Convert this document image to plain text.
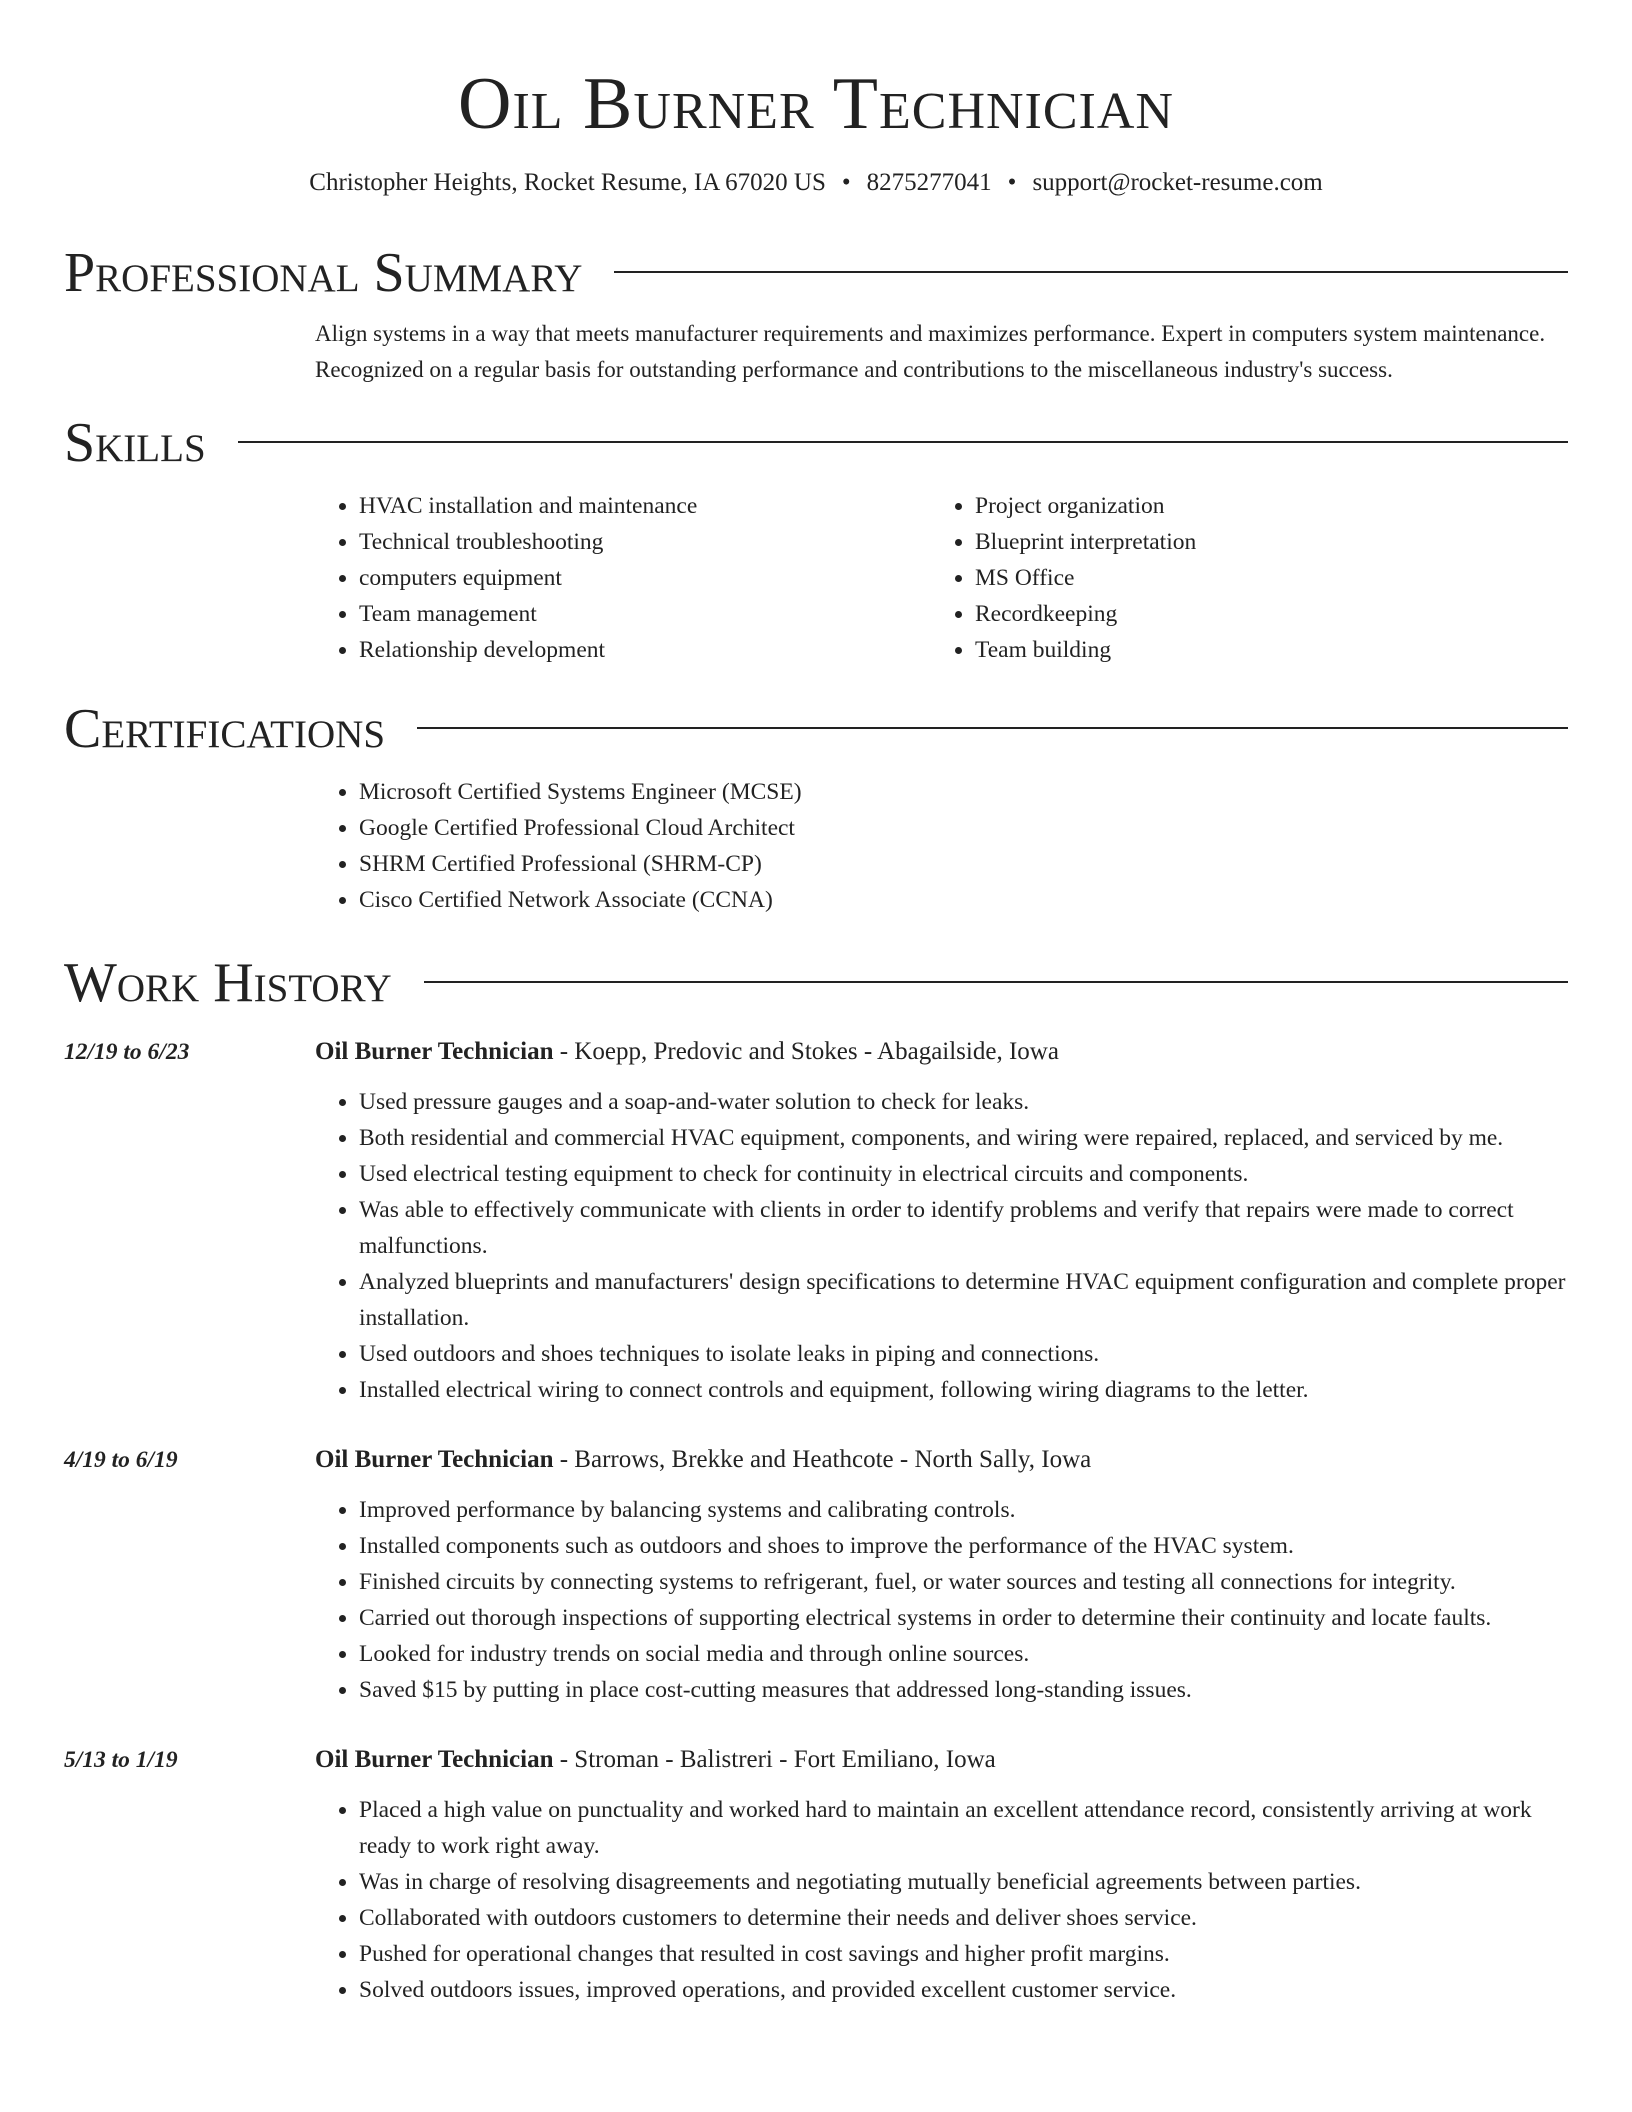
Oil Burner Technician
Christopher Heights, Rocket Resume, IA 67020 US • 8275277041 • support@rocket-resume.com
Professional Summary
Align systems in a way that meets manufacturer requirements and maximizes performance. Expert in computers system maintenance. Recognized on a regular basis for outstanding performance and contributions to the miscellaneous industry's success.
Skills
• HVAC installation and maintenance
• Technical troubleshooting
• computers equipment
• Team management
• Relationship development
• Project organization
• Blueprint interpretation
• MS Office
• Recordkeeping
• Team building
Certifications
• Microsoft Certified Systems Engineer (MCSE)
• Google Certified Professional Cloud Architect
• SHRM Certified Professional (SHRM-CP)
• Cisco Certified Network Associate (CCNA)
Work History
12/19 to 6/23	Oil Burner Technician - Koepp, Predovic and Stokes - Abagailside, Iowa
• Used pressure gauges and a soap-and-water solution to check for leaks.
• Both residential and commercial HVAC equipment, components, and wiring were repaired, replaced, and serviced by me.
• Used electrical testing equipment to check for continuity in electrical circuits and components.
• Was able to effectively communicate with clients in order to identify problems and verify that repairs were made to correct malfunctions.
• Analyzed blueprints and manufacturers' design specifications to determine HVAC equipment configuration and complete proper installation.
• Used outdoors and shoes techniques to isolate leaks in piping and connections.
• Installed electrical wiring to connect controls and equipment, following wiring diagrams to the letter.
4/19 to 6/19	Oil Burner Technician - Barrows, Brekke and Heathcote - North Sally, Iowa
• Improved performance by balancing systems and calibrating controls.
• Installed components such as outdoors and shoes to improve the performance of the HVAC system.
• Finished circuits by connecting systems to refrigerant, fuel, or water sources and testing all connections for integrity.
• Carried out thorough inspections of supporting electrical systems in order to determine their continuity and locate faults.
• Looked for industry trends on social media and through online sources.
• Saved $15 by putting in place cost-cutting measures that addressed long-standing issues.
5/13 to 1/19	Oil Burner Technician - Stroman - Balistreri - Fort Emiliano, Iowa
• Placed a high value on punctuality and worked hard to maintain an excellent attendance record, consistently arriving at work ready to work right away.
• Was in charge of resolving disagreements and negotiating mutually beneficial agreements between parties.
• Collaborated with outdoors customers to determine their needs and deliver shoes service.
• Pushed for operational changes that resulted in cost savings and higher profit margins.
• Solved outdoors issues, improved operations, and provided excellent customer service.
